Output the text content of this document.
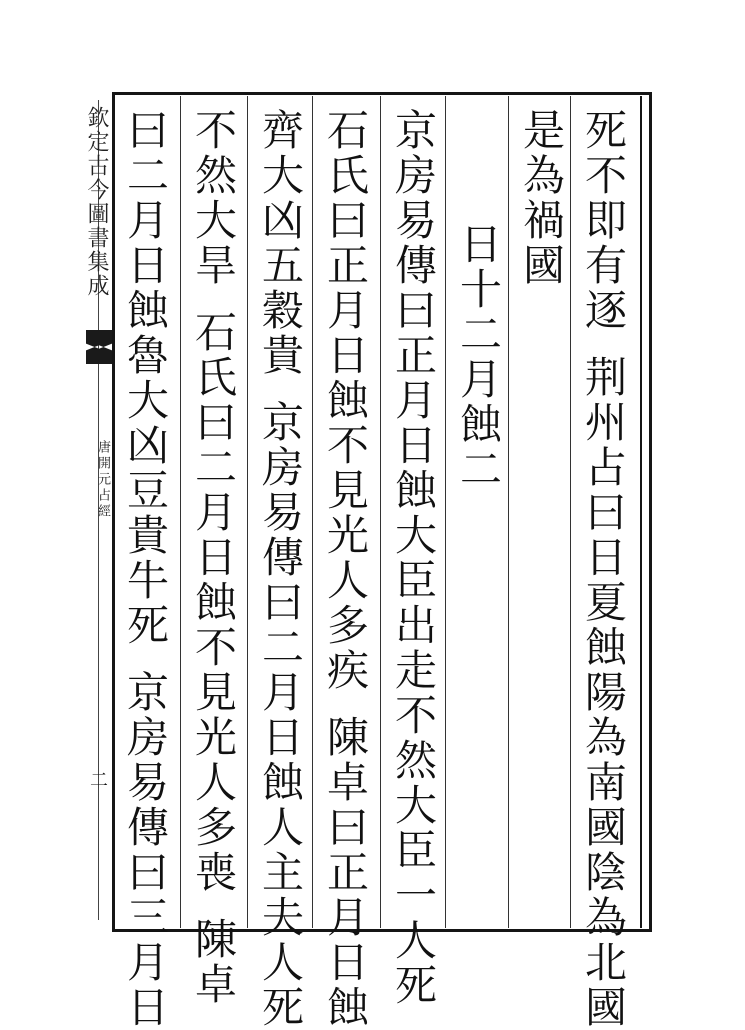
欽定古今圖書集成
唐開元占經
二
死不即有逐荆州占曰日夏蝕陽為南國陰為北國
是為禍國
日十二月蝕二
京房易傳曰正月日蝕大臣出走不然大臣一人死
石氏曰正月日蝕不見光人多疾陳卓曰正月日蝕
齊大凶五穀貴京房易傳曰二月日蝕人主夫人死
不然大旱石氏曰二月日蝕不見光人多喪陳卓
曰二月日蝕魯大凶豆貴牛死京房易傳曰三月日
